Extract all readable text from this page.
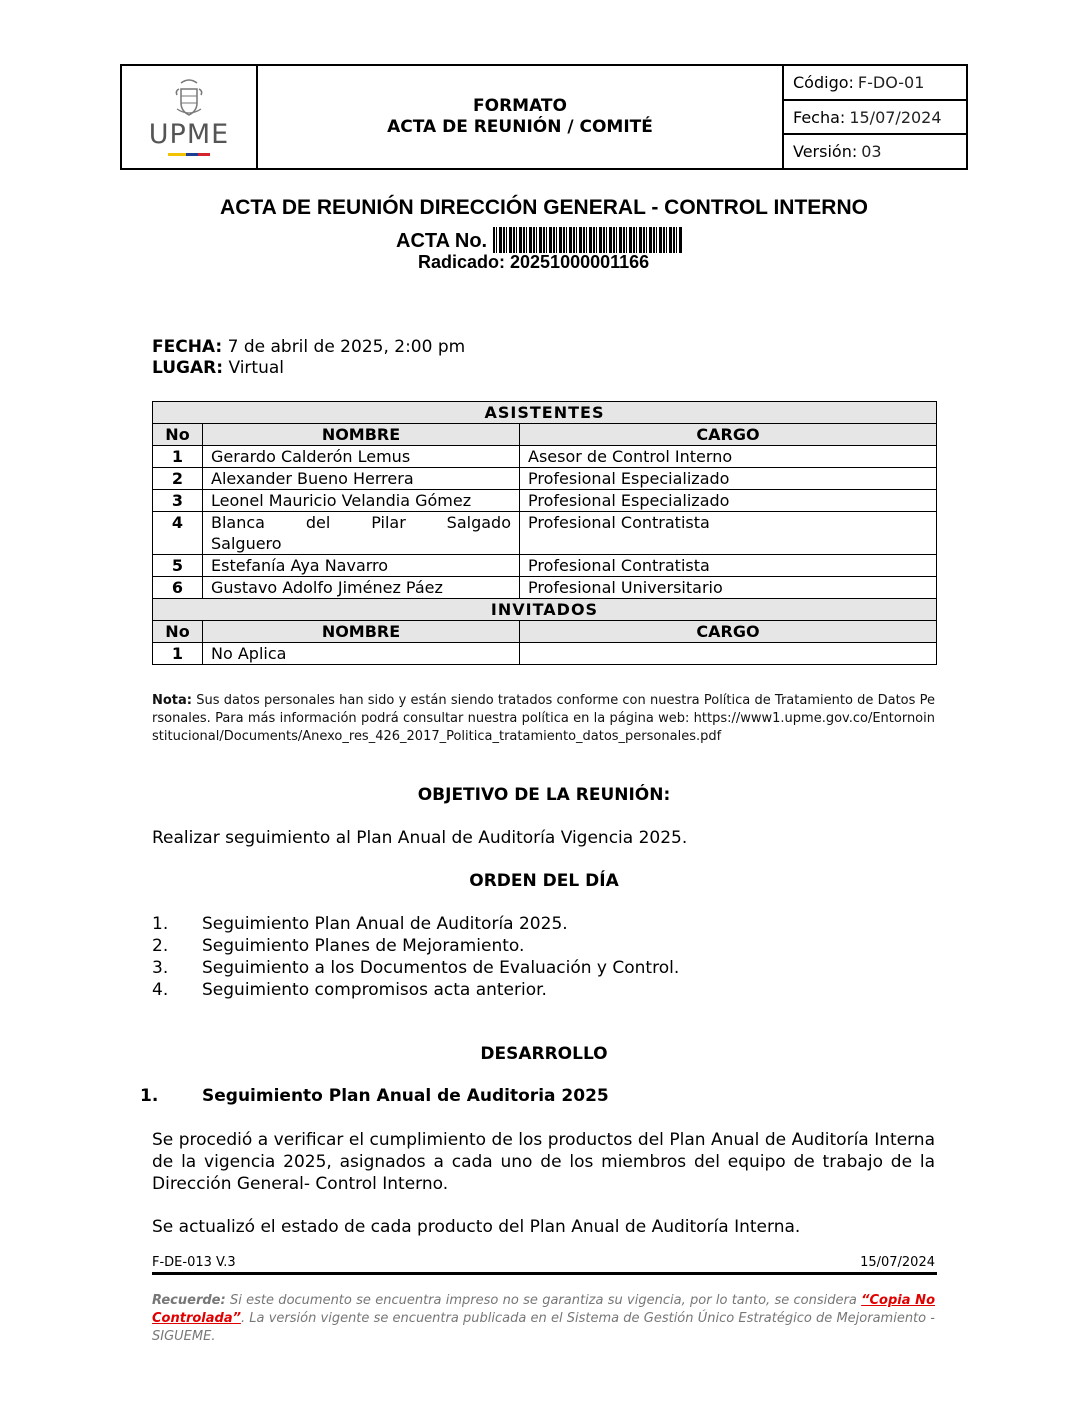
UPME
FORMATO
ACTA DE REUNIÓN / COMITÉ
Código: F-DO-01
Fecha: 15/07/2024
Versión: 03
ACTA DE REUNIÓN DIRECCIÓN GENERAL - CONTROL INTERNO
ACTA No.
Radicado: 20251000001166
FECHA: 7 de abril de 2025, 2:00 pm
LUGAR: Virtual
ASISTENTES		
No	NOMBRE	CARGO
1	Gerardo Calderón Lemus	Asesor de Control Interno
2	Alexander Bueno Herrera	Profesional Especializado
3	Leonel Mauricio Velandia Gómez	Profesional Especializado
4	Blanca del Pilar Salgado
Salguero	Profesional Contratista
5	Estefanía Aya Navarro	Profesional Contratista
6	Gustavo Adolfo Jiménez Páez	Profesional Universitario
INVITADOS		
No	NOMBRE	CARGO
1	No Aplica	
Nota: Sus datos personales han sido y están siendo tratados conforme con nuestra Política de Tratamiento de Datos Personales. Para más información podrá consultar nuestra política en la página web: https://www1.upme.gov.co/Entornoinstitucional/Documents/Anexo_res_426_2017_Politica_tratamiento_datos_personales.pdf
OBJETIVO DE LA REUNIÓN:
Realizar seguimiento al Plan Anual de Auditoría Vigencia 2025.
ORDEN DEL DÍA
1.	Seguimiento Plan Anual de Auditoría 2025.
2.	Seguimiento Planes de Mejoramiento.
3.	Seguimiento a los Documentos de Evaluación y Control.
4.	Seguimiento compromisos acta anterior.
DESARROLLO
1.	Seguimiento Plan Anual de Auditoria 2025
Se procedió a verificar el cumplimiento de los productos del Plan Anual de Auditoría Interna de la vigencia 2025, asignados a cada uno de los miembros del equipo de trabajo de la Dirección General- Control Interno.
Se actualizó el estado de cada producto del Plan Anual de Auditoría Interna.
F-DE-013 V.3	15/07/2024
Recuerde: Si este documento se encuentra impreso no se garantiza su vigencia, por lo tanto, se considera “Copia No Controlada”. La versión vigente se encuentra publicada en el Sistema de Gestión Único Estratégico de Mejoramiento - SIGUEME.
